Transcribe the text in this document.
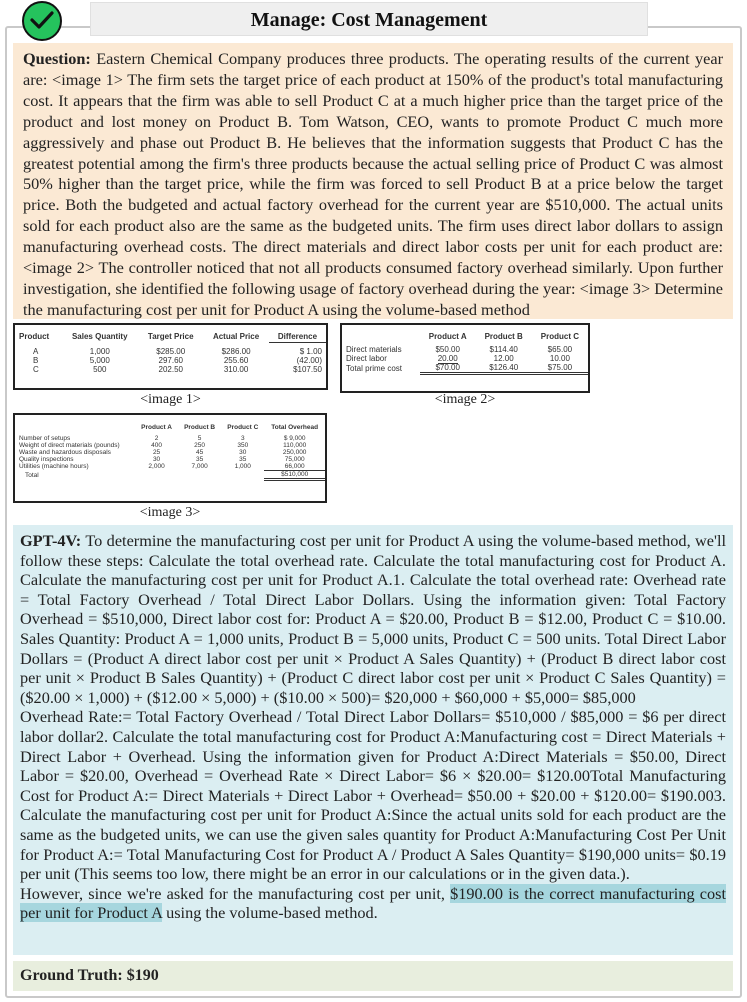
Manage: Cost Management
Question: Eastern Chemical Company produces three products. The operating results of the current year are: <image 1> The firm sets the target price of each product at 150% of the product's total manufacturing cost. It appears that the firm was able to sell Product C at a much higher price than the target price of the product and lost money on Product B. Tom Watson, CEO, wants to promote Product C much more aggressively and phase out Product B. He believes that the information suggests that Product C has the greatest potential among the firm's three products because the actual selling price of Product C was almost 50% higher than the target price, while the firm was forced to sell Product B at a price below the target price. Both the budgeted and actual factory overhead for the current year are $510,000. The actual units sold for each product also are the same as the budgeted units. The firm uses direct labor dollars to assign manufacturing overhead costs. The direct materials and direct labor costs per unit for each product are: <image 2> The controller noticed that not all products consumed factory overhead similarly. Upon further investigation, she identified the following usage of factory overhead during the year: <image 3> Determine the manufacturing cost per unit for Product A using the volume-based method
Product	Sales Quantity	Target Price	Actual Price	Difference

A	1,000	$285.00	$286.00	$ 1.00
B	5,000	297.60	255.60	(42.00)
C	500	202.50	310.00	$107.50
<image 1>
	Product A	Product B	Product C

Direct materials	$50.00	$114.40	$65.00
Direct labor	20.00	12.00	10.00
Total prime cost	$70.00	$126.40	$75.00
<image 2>
	Product A	Product B	Product C	Total Overhead

Number of setups	2	5	3	$ 9,000
Weight of direct materials (pounds)	400	250	350	110,000
Waste and hazardous disposals	25	45	30	250,000
Quality inspections	30	35	35	75,000
Utilities (machine hours)	2,000	7,000	1,000	66,000
Total				$510,000
<image 3>
GPT-4V: To determine the manufacturing cost per unit for Product A using the volume-based method, we'll follow these steps: Calculate the total overhead rate. Calculate the total manufacturing cost for Product A. Calculate the manufacturing cost per unit for Product A.1. Calculate the total overhead rate: Overhead rate = Total Factory Overhead / Total Direct Labor Dollars. Using the information given: Total Factory Overhead = $510,000, Direct labor cost for: Product A = $20.00, Product B = $12.00, Product C = $10.00. Sales Quantity: Product A = 1,000 units, Product B = 5,000 units, Product C = 500 units. Total Direct Labor Dollars = (Product A direct labor cost per unit × Product A Sales Quantity) + (Product B direct labor cost per unit × Product B Sales Quantity) + (Product C direct labor cost per unit × Product C Sales Quantity) = ($20.00 × 1,000) + ($12.00 × 5,000) + ($10.00 × 500)= $20,000 + $60,000 + $5,000= $85,000
Overhead Rate:= Total Factory Overhead / Total Direct Labor Dollars= $510,000 / $85,000 = $6 per direct labor dollar2. Calculate the total manufacturing cost for Product A:Manufacturing cost = Direct Materials + Direct Labor + Overhead. Using the information given for Product A:Direct Materials = $50.00, Direct Labor = $20.00, Overhead = Overhead Rate × Direct Labor= $6 × $20.00= $120.00Total Manufacturing Cost for Product A:= Direct Materials + Direct Labor + Overhead= $50.00 + $20.00 + $120.00= $190.003. Calculate the manufacturing cost per unit for Product A:Since the actual units sold for each product are the same as the budgeted units, we can use the given sales quantity for Product A:Manufacturing Cost Per Unit for Product A:= Total Manufacturing Cost for Product A / Product A Sales Quantity= $190,000 units= $0.19 per unit (This seems too low, there might be an error in our calculations or in the given data.).
However, since we're asked for the manufacturing cost per unit, $190.00 is the correct manufacturing cost per unit for Product A using the volume-based method.
Ground Truth: $190
